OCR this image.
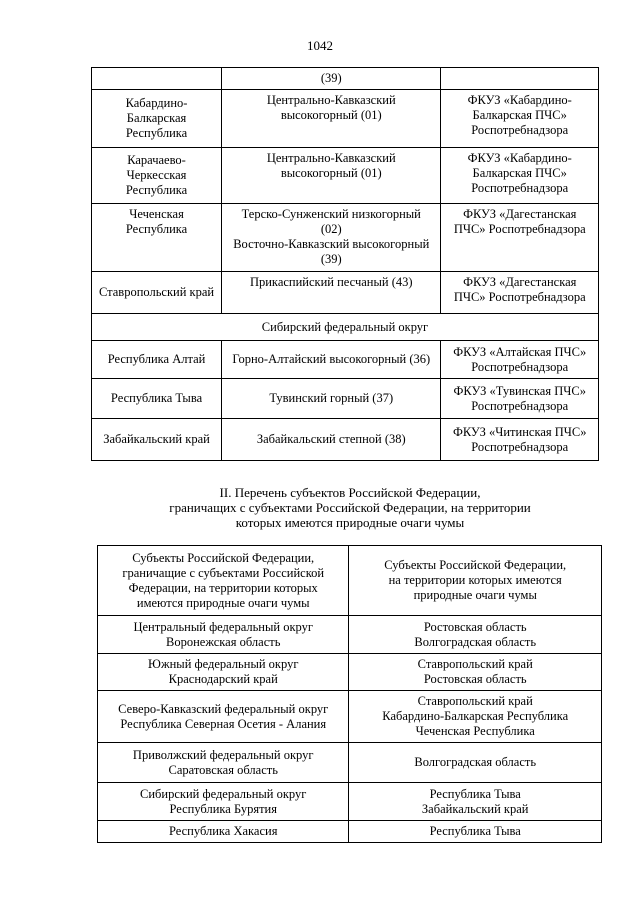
1042
	(39)	

Кабардино-
Балкарская
Республика	Центрально-Кавказский
высокогорный (01)	ФКУЗ «Кабардино-
Балкарская ПЧС»
Роспотребнадзора

Карачаево-
Черкесская
Республика	Центрально-Кавказский
высокогорный (01)	ФКУЗ «Кабардино-
Балкарская ПЧС»
Роспотребнадзора

Чеченская
Республика	Терско-Сунженский низкогорный
(02)
Восточно-Кавказский высокогорный
(39)	ФКУЗ «Дагестанская
ПЧС» Роспотребнадзора

Ставропольский край	Прикаспийский песчаный (43)	ФКУЗ «Дагестанская
ПЧС» Роспотребнадзора

Сибирский федеральный округ		

Республика Алтай	Горно-Алтайский высокогорный (36)	ФКУЗ «Алтайская ПЧС»
Роспотребнадзора

Республика Тыва	Тувинский горный (37)	ФКУЗ «Тувинская ПЧС»
Роспотребнадзора

Забайкальский край	Забайкальский степной (38)	ФКУЗ «Читинская ПЧС»
Роспотребнадзора
II. Перечень субъектов Российской Федерации,
граничащих с субъектами Российской Федерации, на территории
которых имеются природные очаги чумы
Субъекты Российской Федерации,
граничащие с субъектами Российской
Федерации, на территории которых
имеются природные очаги чумы	Субъекты Российской Федерации,
на территории которых имеются
природные очаги чумы

Центральный федеральный округ
Воронежская область	Ростовская область
Волгоградская область

Южный федеральный округ
Краснодарский край	Ставропольский край
Ростовская область

Северо-Кавказский федеральный округ
Республика Северная Осетия - Алания	Ставропольский край
Кабардино-Балкарская Республика
Чеченская Республика

Приволжский федеральный округ
Саратовская область	Волгоградская область

Сибирский федеральный округ
Республика Бурятия	Республика Тыва
Забайкальский край

Республика Хакасия	Республика Тыва
